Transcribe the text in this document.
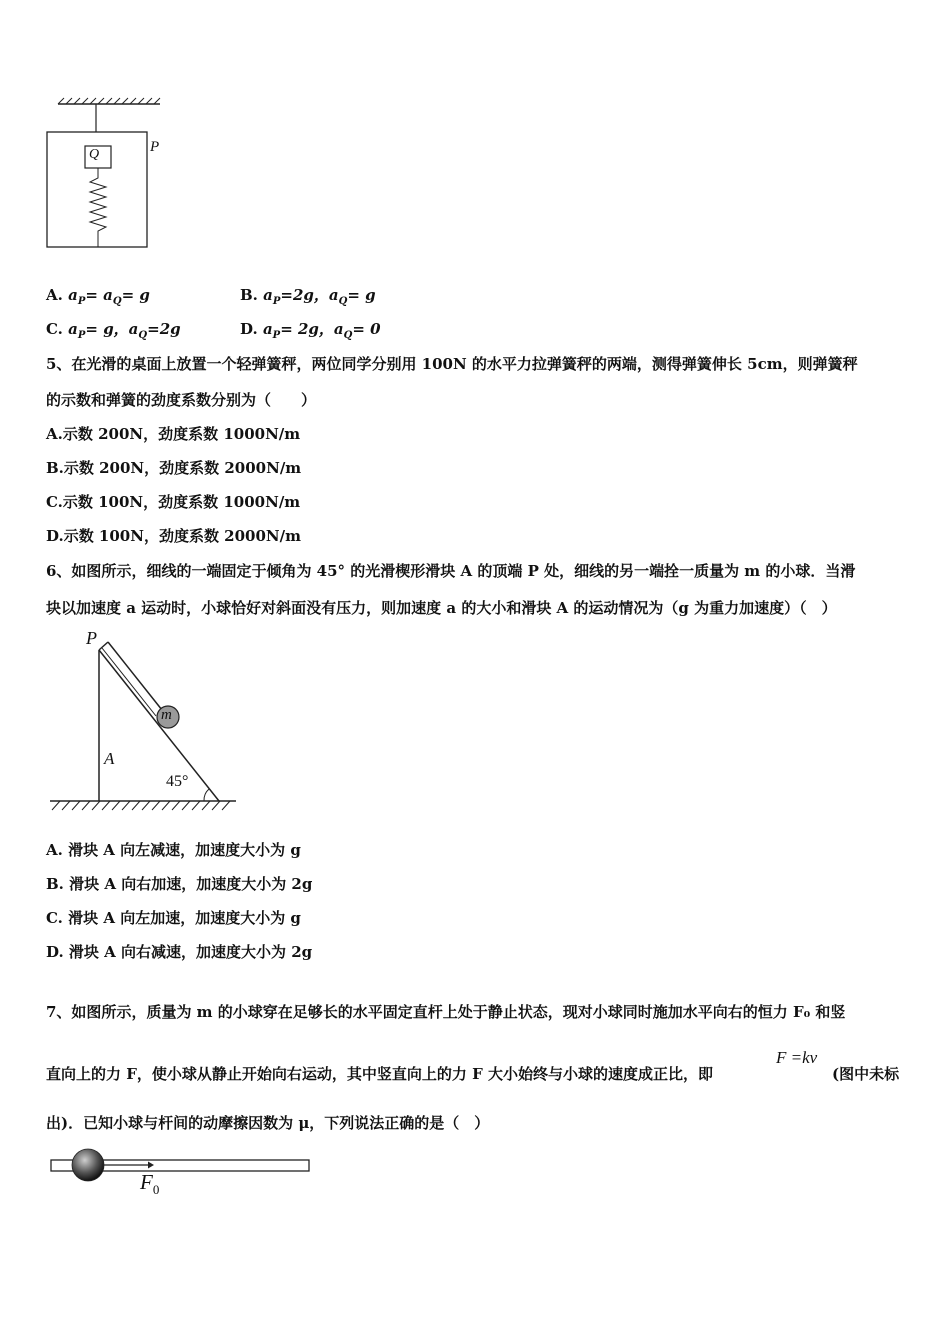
Q	P
A. $a_P= a_Q= g$	B. $a_P=2g$，$a_Q= g$
C. $a_P= g$，$a_Q=2g$	D. $a_P= 2g$，$a_Q= 0$
5、在光滑的桌面上放置一个轻弹簧秤，两位同学分别用 100N 的水平力拉弹簧秤的两端，测得弹簧伸长 5cm，则弹簧秤
的示数和弹簧的劲度系数分别为（　　）
A.示数 200N，劲度系数 1000N/m
B.示数 200N，劲度系数 2000N/m
C.示数 100N，劲度系数 1000N/m
D.示数 100N，劲度系数 2000N/m
6、如图所示，细线的一端固定于倾角为 45° 的光滑楔形滑块 A 的顶端 P 处，细线的另一端拴一质量为 m 的小球．当滑
块以加速度 a 运动时，小球恰好对斜面没有压力，则加速度 a 的大小和滑块 A 的运动情况为（g 为重力加速度）（　）
P
m
A
45°
A. 滑块 A 向左减速，加速度大小为 g
B. 滑块 A 向右加速，加速度大小为 2g
C. 滑块 A 向左加速，加速度大小为 g
D. 滑块 A 向右减速，加速度大小为 2g
7、如图所示，质量为 m 的小球穿在足够长的水平固定直杆上处于静止状态，现对小球同时施加水平向右的恒力 F₀ 和竖
直向上的力 F，使小球从静止开始向右运动，其中竖直向上的力 F 大小始终与小球的速度成正比，即
F =kv
(图中未标
出)．已知小球与杆间的动摩擦因数为 μ，下列说法正确的是（　）
$F_0$
